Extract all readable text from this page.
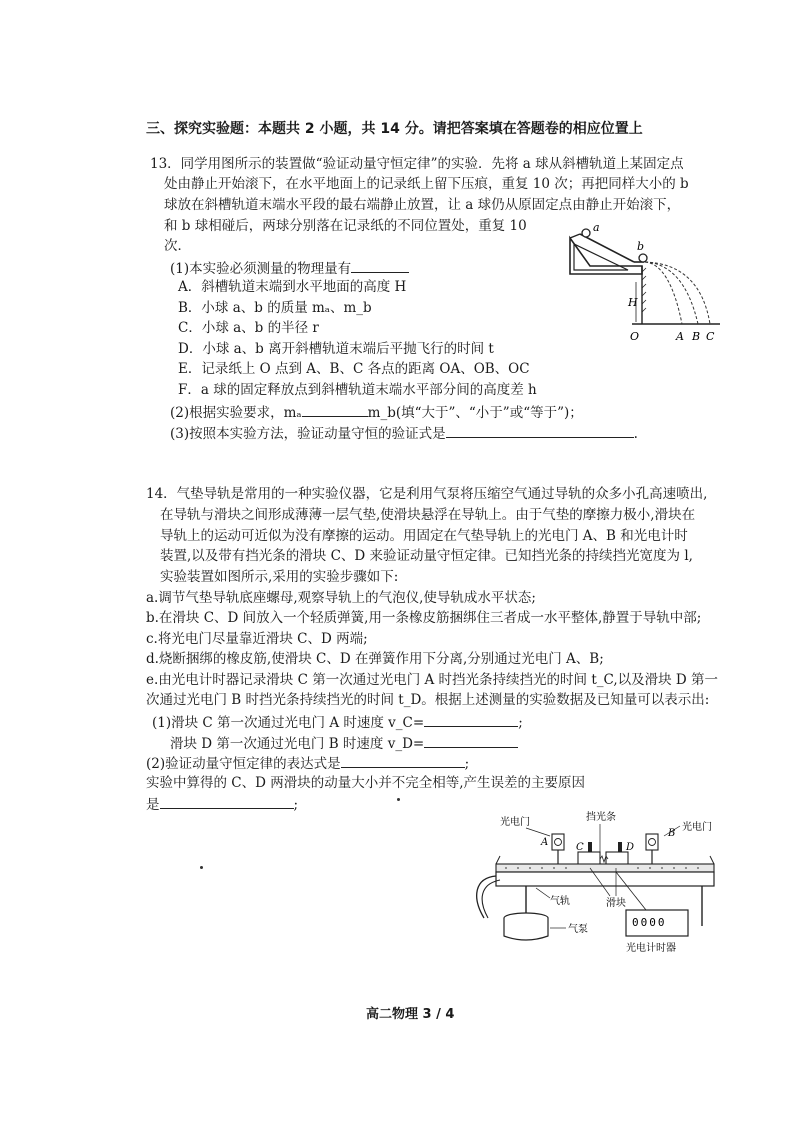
三、探究实验题：本题共 2 小题，共 14 分。请把答案填在答题卷的相应位置上
13．同学用图所示的装置做“验证动量守恒定律”的实验．先将 a 球从斜槽轨道上某固定点
处由静止开始滚下，在水平地面上的记录纸上留下压痕，重复 10 次；再把同样大小的 b
球放在斜槽轨道末端水平段的最右端静止放置，让 a 球仍从原固定点由静止开始滚下，
和 b 球相碰后，两球分别落在记录纸的不同位置处，重复 10
次．
(1)本实验必须测量的物理量有
A．斜槽轨道末端到水平地面的高度 H
B．小球 a、b 的质量 mₐ、m_b
C．小球 a、b 的半径 r
D．小球 a、b 离开斜槽轨道末端后平抛飞行的时间 t
E．记录纸上 O 点到 A、B、C 各点的距离 OA、OB、OC
F．a 球的固定释放点到斜槽轨道末端水平部分间的高度差 h
(2)根据实验要求，mₐ	m_b(填“大于”、“小于”或“等于”)；
(3)按照本实验方法，验证动量守恒的验证式是	.
a
b
H
O	A B C
14．气垫导轨是常用的一种实验仪器，它是利用气泵将压缩空气通过导轨的众多小孔高速喷出,
在导轨与滑块之间形成薄薄一层气垫,使滑块悬浮在导轨上。由于气垫的摩擦力极小,滑块在
导轨上的运动可近似为没有摩擦的运动。用固定在气垫导轨上的光电门 A、B 和光电计时
装置,以及带有挡光条的滑块 C、D 来验证动量守恒定律。已知挡光条的持续挡光宽度为 l,
实验装置如图所示,采用的实验步骤如下:
a.调节气垫导轨底座螺母,观察导轨上的气泡仪,使导轨成水平状态;
b.在滑块 C、D 间放入一个轻质弹簧,用一条橡皮筋捆绑住三者成一水平整体,静置于导轨中部;
c.将光电门尽量靠近滑块 C、D 两端;
d.烧断捆绑的橡皮筋,使滑块 C、D 在弹簧作用下分离,分别通过光电门 A、B;
e.由光电计时器记录滑块 C 第一次通过光电门 A 时挡光条持续挡光的时间 t_C,以及滑块 D 第一
次通过光电门 B 时挡光条持续挡光的时间 t_D。根据上述测量的实验数据及已知量可以表示出:
(1)滑块 C 第一次通过光电门 A 时速度 v_C=	;
滑块 D 第一次通过光电门 B 时速度 v_D=
(2)验证动量守恒定律的表达式是	;
实验中算得的 C、D 两滑块的动量大小并不完全相等,产生误差的主要原因
是	;
光电门	挡光条
光电门
A
B
C	D
气轨	滑块
气泵
0000
光电计时器
高二物理 3 / 4
